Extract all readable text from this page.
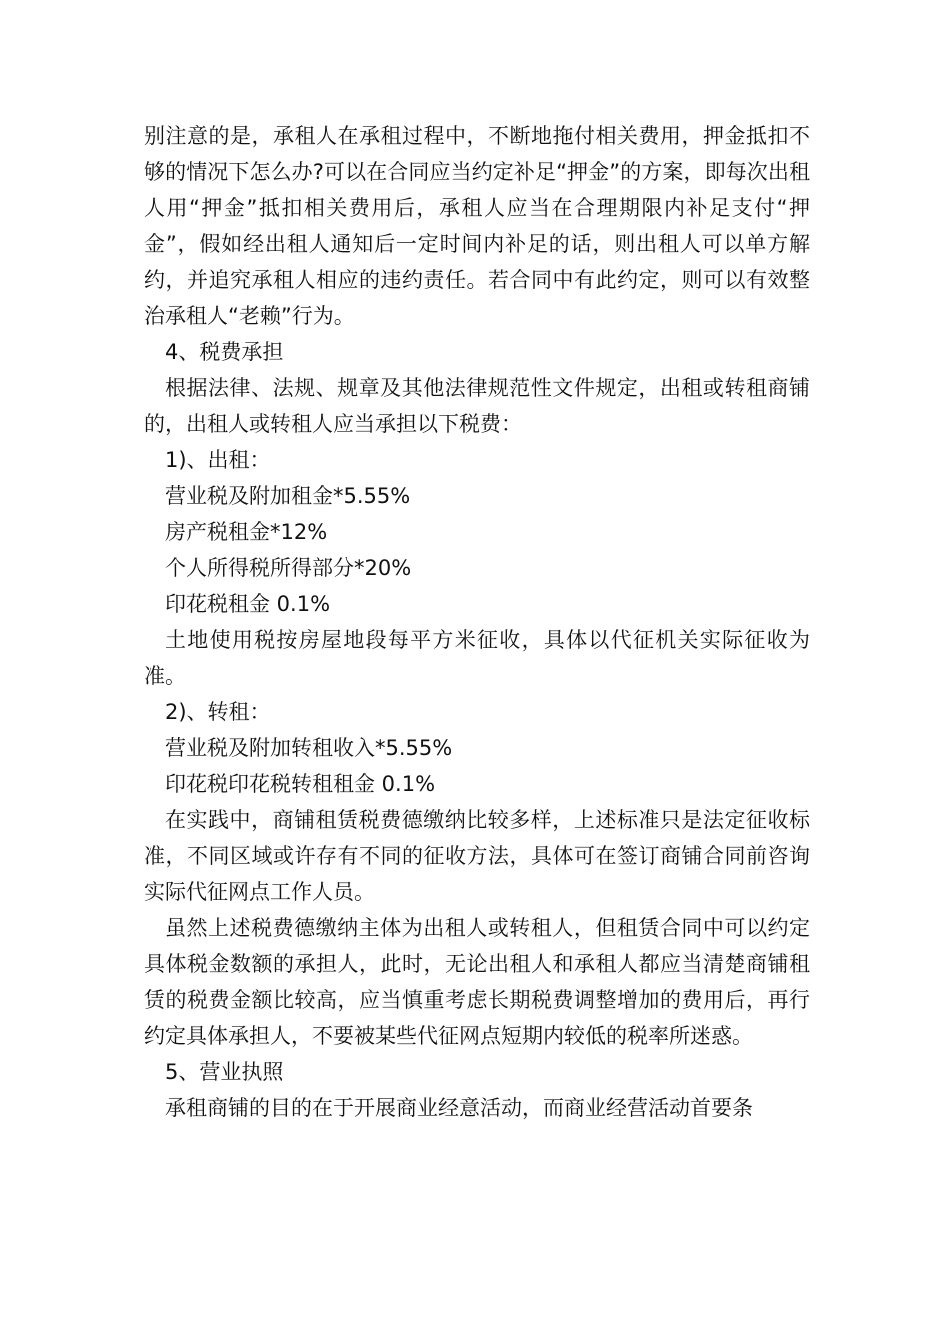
别注意的是，承租人在承租过程中，不断地拖付相关费用，押金抵扣不够的情况下怎么办?可以在合同应当约定补足“押金”的方案，即每次出租人用“押金”抵扣相关费用后，承租人应当在合理期限内补足支付“押金”，假如经出租人通知后一定时间内补足的话，则出租人可以单方解约，并追究承租人相应的违约责任。若合同中有此约定，则可以有效整治承租人“老赖”行为。

4、税费承担

根据法律、法规、规章及其他法律规范性文件规定，出租或转租商铺的，出租人或转租人应当承担以下税费：

1)、出租：

营业税及附加租金*5.55%

房产税租金*12%

个人所得税所得部分*20%

印花税租金 0.1%

土地使用税按房屋地段每平方米征收，具体以代征机关实际征收为准。

2)、转租：

营业税及附加转租收入*5.55%

印花税印花税转租租金 0.1%

在实践中，商铺租赁税费德缴纳比较多样，上述标准只是法定征收标准，不同区域或许存有不同的征收方法，具体可在签订商铺合同前咨询实际代征网点工作人员。

虽然上述税费德缴纳主体为出租人或转租人，但租赁合同中可以约定具体税金数额的承担人，此时，无论出租人和承租人都应当清楚商铺租赁的税费金额比较高，应当慎重考虑长期税费调整增加的费用后，再行约定具体承担人，不要被某些代征网点短期内较低的税率所迷惑。

5、营业执照

承租商铺的目的在于开展商业经意活动，而商业经营活动首要条
